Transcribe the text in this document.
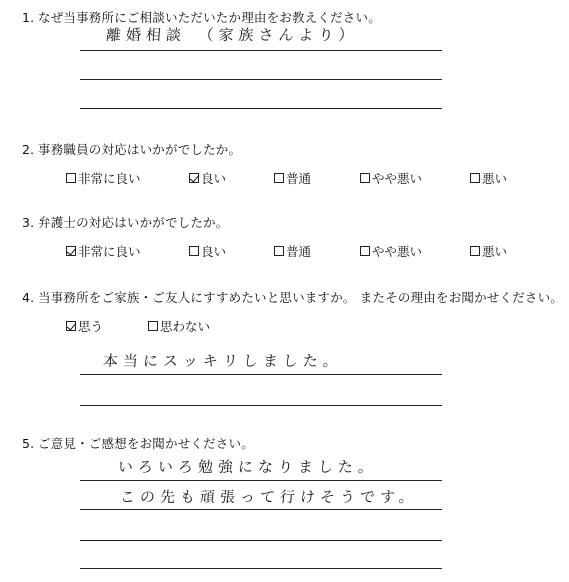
1. なぜ当事務所にご相談いただいたか理由をお教えください。
離婚相談　（家族さんより）
2. 事務職員の対応はいかがでしたか。
非常に良い	良い	普通	やや悪い	悪い
3. 弁護士の対応はいかがでしたか。
非常に良い	良い	普通	やや悪い	悪い
4. 当事務所をご家族・ご友人にすすめたいと思いますか。 またその理由をお聞かせください。
思う	思わない
本当にスッキリしました。
5. ご意見・ご感想をお聞かせください。
いろいろ勉強になりました。
この先も頑張って行けそうです。
